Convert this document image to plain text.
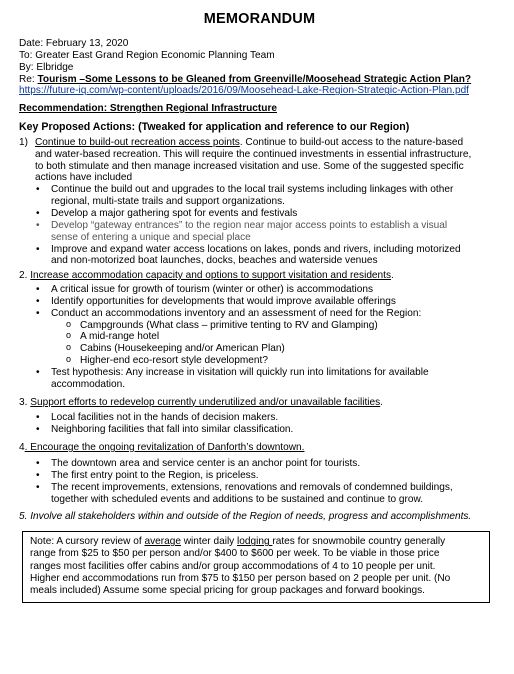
MEMORANDUM
Date: February 13, 2020
To: Greater East Grand Region Economic Planning Team
By: Elbridge
Re: Tourism –Some Lessons to be Gleaned from Greenville/Moosehead Strategic Action Plan?
https://future-iq.com/wp-content/uploads/2016/09/Moosehead-Lake-Region-Strategic-Action-Plan.pdf
Recommendation: Strengthen Regional Infrastructure
Key Proposed Actions: (Tweaked for application and reference to our Region)
1) Continue to build-out recreation access points. Continue to build-out access to the nature-based
and water-based recreation. This will require the continued investments in essential infrastructure,
to both stimulate and then manage increased visitation and use. Some of the suggested specific
actions have included
• Continue the build out and upgrades to the local trail systems including linkages with other
regional, multi-state trails and support organizations.
• Develop a major gathering spot for events and festivals
• Develop “gateway entrances” to the region near major access points to establish a visual
sense of entering a unique and special place
• Improve and expand water access locations on lakes, ponds and rivers, including motorized
and non-motorized boat launches, docks, beaches and waterside venues
2. Increase accommodation capacity and options to support visitation and residents.
• A critical issue for growth of tourism (winter or other) is accommodations
• Identify opportunities for developments that would improve available offerings
• Conduct an accommodations inventory and an assessment of need for the Region:
o Campgrounds (What class – primitive tenting to RV and Glamping)
o A mid-range hotel
o Cabins (Housekeeping and/or American Plan)
o Higher-end eco-resort style development?
• Test hypothesis: Any increase in visitation will quickly run into limitations for available
accommodation.
3. Support efforts to redevelop currently underutilized and/or unavailable facilities.
• Local facilities not in the hands of decision makers.
• Neighboring facilities that fall into similar classification.
4. Encourage the ongoing revitalization of Danforth’s downtown.
• The downtown area and service center is an anchor point for tourists.
• The first entry point to the Region, is priceless.
• The recent improvements, extensions, renovations and removals of condemned buildings,
together with scheduled events and additions to be sustained and continue to grow.
5. Involve all stakeholders within and outside of the Region of needs, progress and accomplishments.
Note: A cursory review of average winter daily lodging rates for snowmobile country generally
range from $25 to $50 per person and/or $400 to $600 per week. To be viable in those price
ranges most facilities offer cabins and/or group accommodations of 4 to 10 people per unit.
Higher end accommodations run from $75 to $150 per person based on 2 people per unit. (No
meals included) Assume some special pricing for group packages and forward bookings.
